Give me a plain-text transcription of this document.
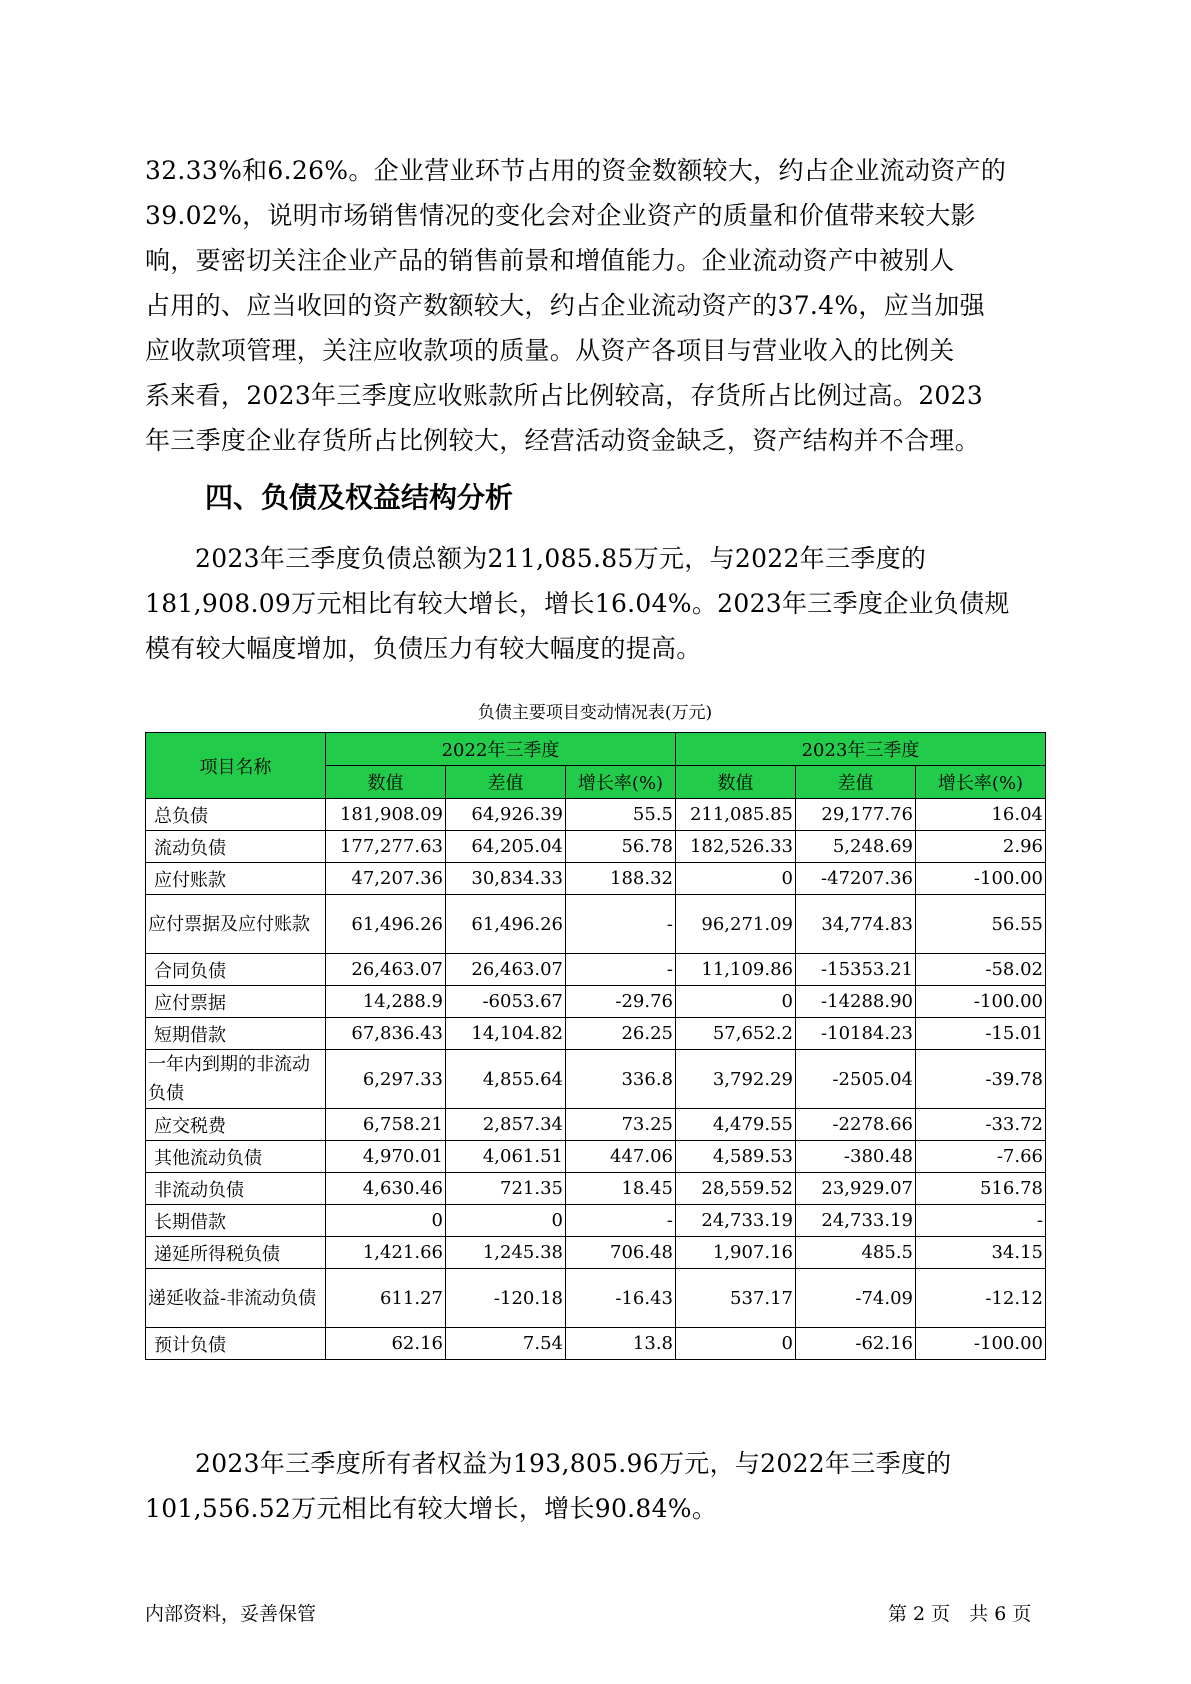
32.33%和6.26%。企业营业环节占用的资金数额较大，约占企业流动资产的
39.02%，说明市场销售情况的变化会对企业资产的质量和价值带来较大影
响，要密切关注企业产品的销售前景和增值能力。企业流动资产中被别人
占用的、应当收回的资产数额较大，约占企业流动资产的37.4%，应当加强
应收款项管理，关注应收款项的质量。从资产各项目与营业收入的比例关
系来看，2023年三季度应收账款所占比例较高，存货所占比例过高。2023
年三季度企业存货所占比例较大，经营活动资金缺乏，资产结构并不合理。
四、负债及权益结构分析
2023年三季度负债总额为211,085.85万元，与2022年三季度的
181,908.09万元相比有较大增长，增长16.04%。2023年三季度企业负债规
模有较大幅度增加，负债压力有较大幅度的提高。
负债主要项目变动情况表(万元)
项目名称	2022年三季度			2023年三季度		
	数值	差值	增长率(%)	数值	差值	增长率(%)
总负债	181,908.09	64,926.39	55.5	211,085.85	29,177.76	16.04
流动负债	177,277.63	64,205.04	56.78	182,526.33	5,248.69	2.96
应付账款	47,207.36	30,834.33	188.32	0	-47207.36	-100.00
应付票据及应付账款	61,496.26	61,496.26	-	96,271.09	34,774.83	56.55
合同负债	26,463.07	26,463.07	-	11,109.86	-15353.21	-58.02
应付票据	14,288.9	-6053.67	-29.76	0	-14288.90	-100.00
短期借款	67,836.43	14,104.82	26.25	57,652.2	-10184.23	-15.01
一年内到期的非流动负债	6,297.33	4,855.64	336.8	3,792.29	-2505.04	-39.78
应交税费	6,758.21	2,857.34	73.25	4,479.55	-2278.66	-33.72
其他流动负债	4,970.01	4,061.51	447.06	4,589.53	-380.48	-7.66
非流动负债	4,630.46	721.35	18.45	28,559.52	23,929.07	516.78
长期借款	0	0	-	24,733.19	24,733.19	-
递延所得税负债	1,421.66	1,245.38	706.48	1,907.16	485.5	34.15
递延收益-非流动负债	611.27	-120.18	-16.43	537.17	-74.09	-12.12
预计负债	62.16	7.54	13.8	0	-62.16	-100.00
2023年三季度所有者权益为193,805.96万元，与2022年三季度的
101,556.52万元相比有较大增长，增长90.84%。
内部资料，妥善保管	第 2 页　共 6 页
